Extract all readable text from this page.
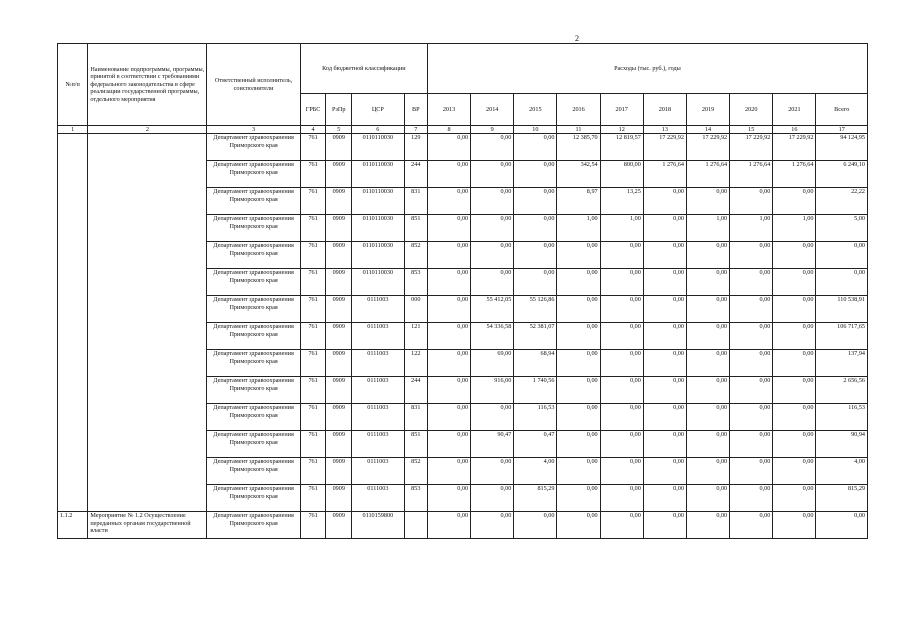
2
№п/п	Наименование подпрограммы, программы, принятой в соответствии с требованиями федерального законодательства в сфере реализации государственной программы, отдельного мероприятия	Ответственный исполнитель, соисполнители	Код бюджетной классификации				Расходы (тыс. руб.), годы									
			ГРБС	РзПр	ЦСР	ВР	2013	2014	2015	2016	2017	2018	2019	2020	2021	Всего
1	2	3	4	5	6	7	8	9	10	11	12	13	14	15	16	17
		Департамент здравоохранения Приморского края	761	0909	0110110030	129	0,00	0,00	0,00	12 385,70	12 819,57	17 229,92	17 229,92	17 229,92	17 229,92	94 124,95
		Департамент здравоохранения Приморского края	761	0909	0110110030	244	0,00	0,00	0,00	342,54	800,00	1 276,64	1 276,64	1 276,64	1 276,64	6 249,10
		Департамент здравоохранения Приморского края	761	0909	0110110030	831	0,00	0,00	0,00	8,97	13,25	0,00	0,00	0,00	0,00	22,22
		Департамент здравоохранения Приморского края	761	0909	0110110030	851	0,00	0,00	0,00	1,00	1,00	0,00	1,00	1,00	1,00	5,00
		Департамент здравоохранения Приморского края	761	0909	0110110030	852	0,00	0,00	0,00	0,00	0,00	0,00	0,00	0,00	0,00	0,00
		Департамент здравоохранения Приморского края	761	0909	0110110030	853	0,00	0,00	0,00	0,00	0,00	0,00	0,00	0,00	0,00	0,00
		Департамент здравоохранения Приморского края	761	0909	0111003	000	0,00	55 412,05	55 126,86	0,00	0,00	0,00	0,00	0,00	0,00	110 538,91
		Департамент здравоохранения Приморского края	761	0909	0111003	121	0,00	54 336,58	52 381,07	0,00	0,00	0,00	0,00	0,00	0,00	106 717,65
		Департамент здравоохранения Приморского края	761	0909	0111003	122	0,00	69,00	68,94	0,00	0,00	0,00	0,00	0,00	0,00	137,94
		Департамент здравоохранения Приморского края	761	0909	0111003	244	0,00	916,00	1 740,56	0,00	0,00	0,00	0,00	0,00	0,00	2 656,56
		Департамент здравоохранения Приморского края	761	0909	0111003	831	0,00	0,00	116,53	0,00	0,00	0,00	0,00	0,00	0,00	116,53
		Департамент здравоохранения Приморского края	761	0909	0111003	851	0,00	90,47	0,47	0,00	0,00	0,00	0,00	0,00	0,00	90,94
		Департамент здравоохранения Приморского края	761	0909	0111003	852	0,00	0,00	4,00	0,00	0,00	0,00	0,00	0,00	0,00	4,00
		Департамент здравоохранения Приморского края	761	0909	0111003	853	0,00	0,00	815,29	0,00	0,00	0,00	0,00	0,00	0,00	815,29
1.1.2	Мероприятие № 1.2 Осуществление переданных органам государственной власти	Департамент здравоохранения Приморского края	761	0909	0110159800		0,00	0,00	0,00	0,00	0,00	0,00	0,00	0,00	0,00	0,00
